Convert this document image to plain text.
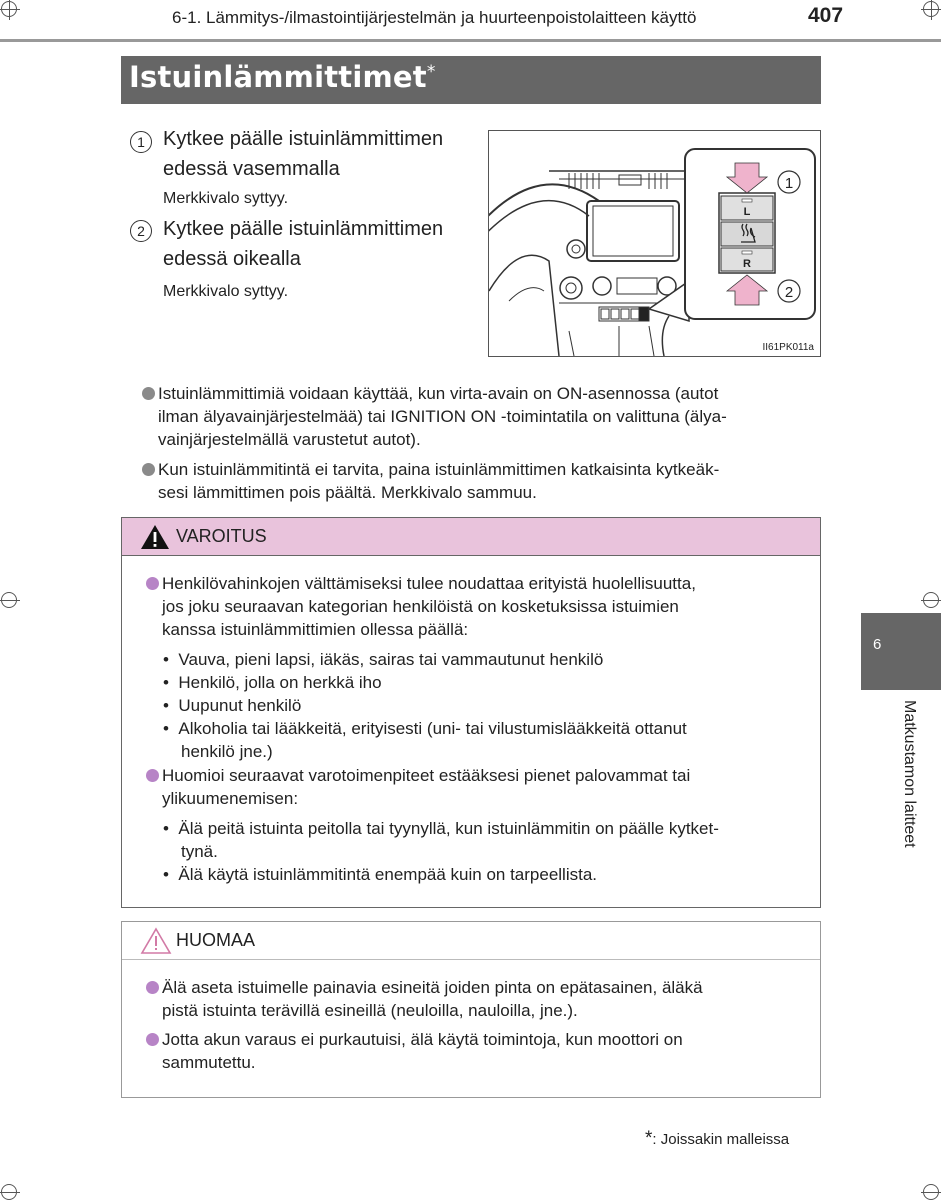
6-1. Lämmitys-/ilmastointijärjestelmän ja huurteenpoistolaitteen käyttö	407
Istuinlämmittimet*
1 Kytkee päälle istuinlämmittimen
edessä vasemmalla
Merkkivalo syttyy.
2 Kytkee päälle istuinlämmittimen
edessä oikealla
Merkkivalo syttyy.
L
R
1
2
II61PK011a
Istuinlämmittimiä voidaan käyttää, kun virta-avain on ON-asennossa (autot
ilman älyavainjärjestelmää) tai IGNITION ON -toimintatila on valittuna (älya-
vainjärjestelmällä varustetut autot).
Kun istuinlämmitintä ei tarvita, paina istuinlämmittimen katkaisinta kytkeäk-
sesi lämmittimen pois päältä. Merkkivalo sammuu.
VAROITUS
Henkilövahinkojen välttämiseksi tulee noudattaa erityistä huolellisuutta,
jos joku seuraavan kategorian henkilöistä on kosketuksissa istuimien
kanssa istuinlämmittimien ollessa päällä:
•  Vauva, pieni lapsi, iäkäs, sairas tai vammautunut henkilö
•  Henkilö, jolla on herkkä iho
•  Uupunut henkilö
•  Alkoholia tai lääkkeitä, erityisesti (uni- tai vilustumislääkkeitä ottanut
henkilö jne.)
Huomioi seuraavat varotoimenpiteet estääksesi pienet palovammat tai
ylikuumenemisen:
•  Älä peitä istuinta peitolla tai tyynyllä, kun istuinlämmitin on päälle kytket-
tynä.
•  Älä käytä istuinlämmitintä enempää kuin on tarpeellista.
HUOMAA
Älä aseta istuimelle painavia esineitä joiden pinta on epätasainen, äläkä
pistä istuinta terävillä esineillä (neuloilla, nauloilla, jne.).
Jotta akun varaus ei purkautuisi, älä käytä toimintoja, kun moottori on
sammutettu.
6
Matkustamon laitteet
*: Joissakin malleissa
